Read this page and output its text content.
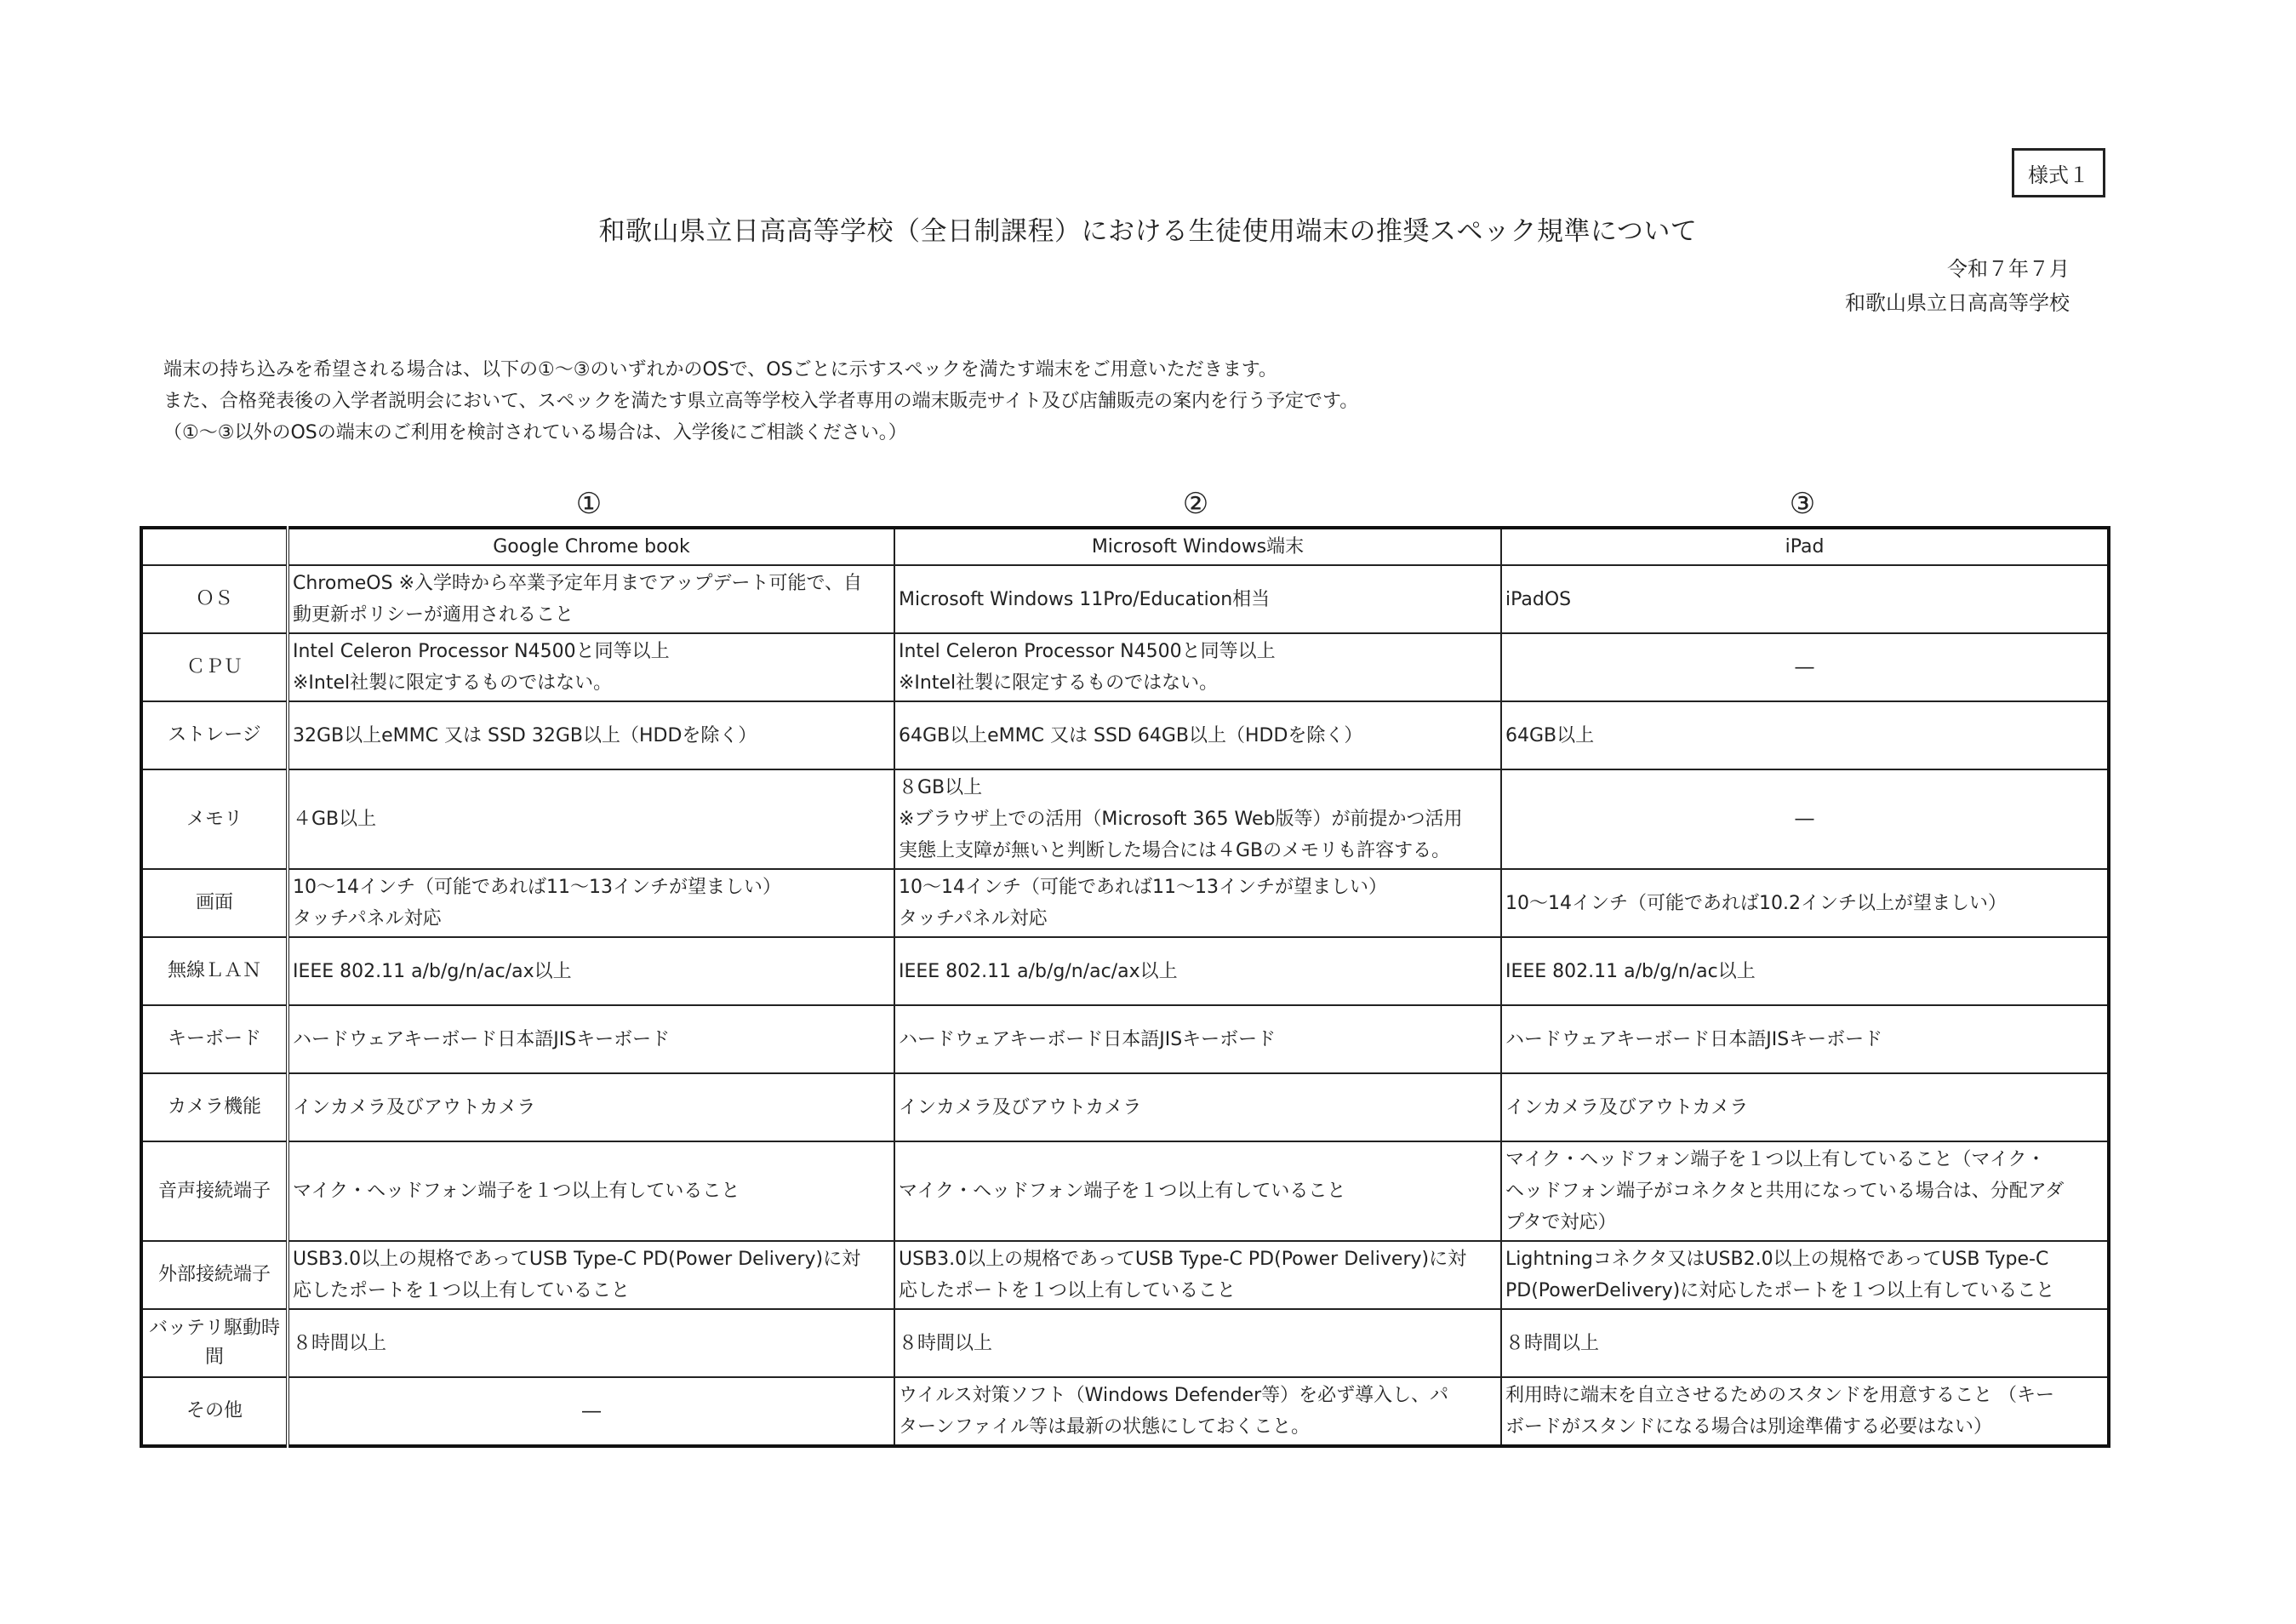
様式１
和歌山県立日高高等学校（全日制課程）における生徒使用端末の推奨スペック規準について
令和７年７月
和歌山県立日高高等学校
端末の持ち込みを希望される場合は、以下の①～③のいずれかのOSで、OSごとに示すスペックを満たす端末をご用意いただきます。
また、合格発表後の入学者説明会において、スペックを満たす県立高等学校入学者専用の端末販売サイト及び店舗販売の案内を行う予定です。
（①～③以外のOSの端末のご利用を検討されている場合は、入学後にご相談ください。）
①	②	③
	Google Chrome book	Microsoft Windows端末	iPad
ＯＳ	ChromeOS ※入学時から卒業予定年月までアップデート可能で、自
動更新ポリシーが適用されること	Microsoft Windows 11Pro/Education相当	iPadOS

ＣＰＵ	Intel Celeron Processor N4500と同等以上
※Intel社製に限定するものではない。	Intel Celeron Processor N4500と同等以上
※Intel社製に限定するものではない。	―

ストレージ	32GB以上eMMC 又は SSD 32GB以上（HDDを除く）	64GB以上eMMC 又は SSD 64GB以上（HDDを除く）	64GB以上

メモリ	４GB以上	８GB以上
※ブラウザ上での活用（Microsoft 365 Web版等）が前提かつ活用
実態上支障が無いと判断した場合には４GBのメモリも許容する。	―

画面	10～14インチ（可能であれば11～13インチが望ましい）
タッチパネル対応	10～14インチ（可能であれば11～13インチが望ましい）
タッチパネル対応	10～14インチ（可能であれば10.2インチ以上が望ましい）

無線ＬＡＮ	IEEE 802.11 a/b/g/n/ac/ax以上	IEEE 802.11 a/b/g/n/ac/ax以上	IEEE 802.11 a/b/g/n/ac以上

キーボード	ハードウェアキーボード日本語JISキーボード	ハードウェアキーボード日本語JISキーボード	ハードウェアキーボード日本語JISキーボード

カメラ機能	インカメラ及びアウトカメラ	インカメラ及びアウトカメラ	インカメラ及びアウトカメラ

音声接続端子	マイク・ヘッドフォン端子を１つ以上有していること	マイク・ヘッドフォン端子を１つ以上有していること	マイク・ヘッドフォン端子を１つ以上有していること（マイク・
ヘッドフォン端子がコネクタと共用になっている場合は、分配アダ
プタで対応）

外部接続端子	USB3.0以上の規格であってUSB Type-C PD(Power Delivery)に対
応したポートを１つ以上有していること	USB3.0以上の規格であってUSB Type-C PD(Power Delivery)に対
応したポートを１つ以上有していること	Lightningコネクタ又はUSB2.0以上の規格であってUSB Type-C
PD(PowerDelivery)に対応したポートを１つ以上有していること

バッテリ駆動時間	８時間以上	８時間以上	８時間以上

その他	―	ウイルス対策ソフト（Windows Defender等）を必ず導入し、パ
ターンファイル等は最新の状態にしておくこと。	利用時に端末を自立させるためのスタンドを用意すること （キー
ボードがスタンドになる場合は別途準備する必要はない）
